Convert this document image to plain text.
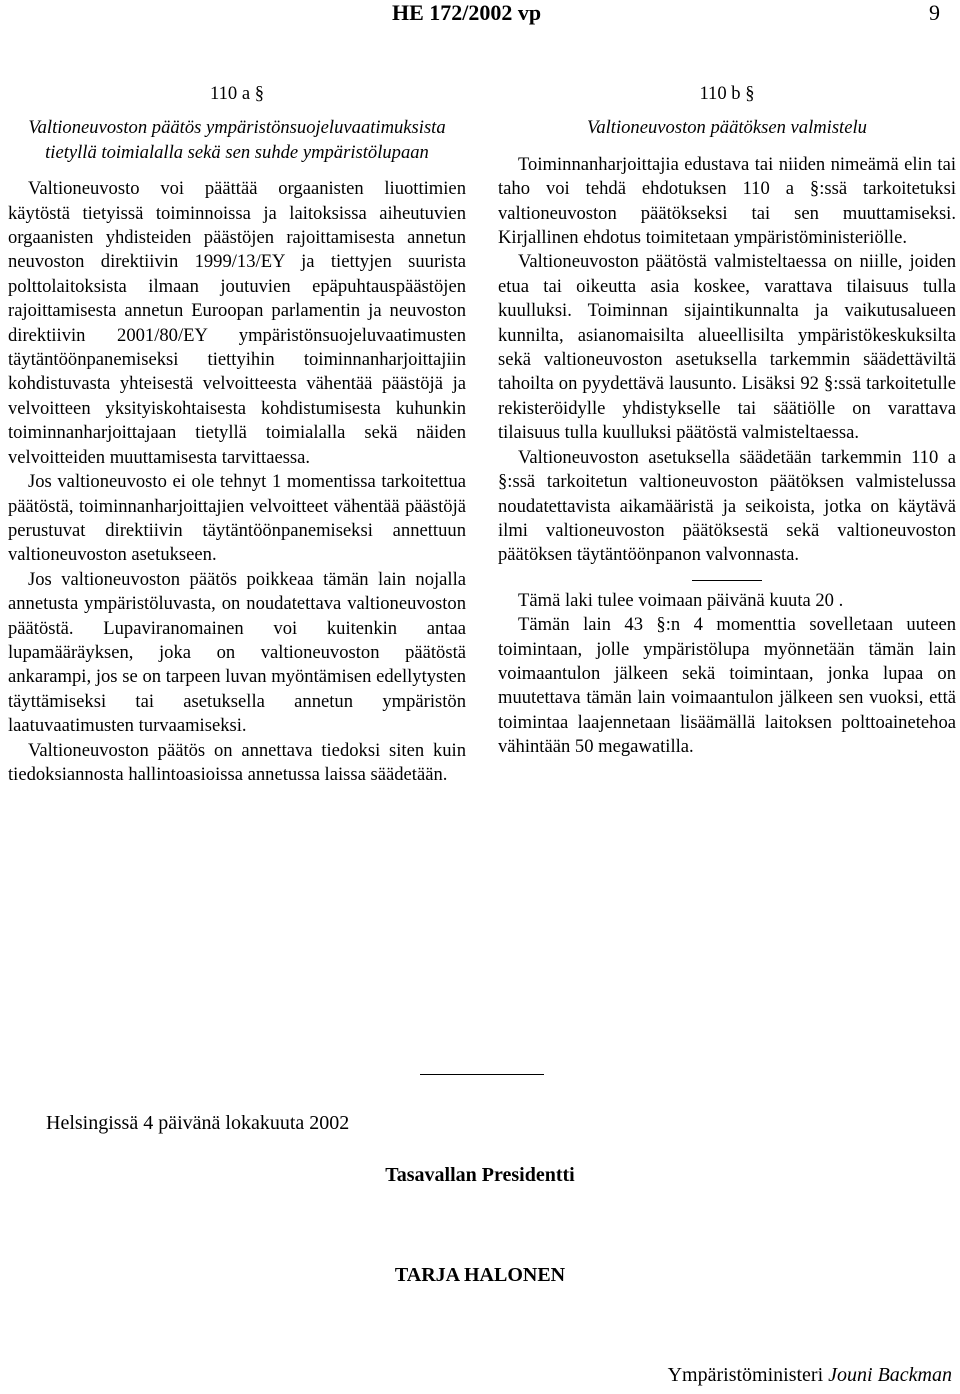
HE 172/2002 vp	9
110 a §
Valtioneuvoston päätös ympäristönsuojeluvaatimuksista tietyllä toimialalla sekä sen suhde ympäristölupaan

Valtioneuvosto voi päättää orgaanisten liuottimien käytöstä tietyissä toiminnoissa ja laitoksissa aiheutuvien orgaanisten yhdisteiden päästöjen rajoittamisesta annetun neuvoston direktiivin 1999/13/EY ja tiettyjen suurista polttolaitoksista ilmaan joutuvien epäpuhtauspäästöjen rajoittamisesta annetun Euroopan parlamentin ja neuvoston direktiivin 2001/80/EY ympäristönsuojeluvaatimusten täytäntöönpanemiseksi tiettyihin toiminnanharjoittajiin kohdistuvasta yhteisestä velvoitteesta vähentää päästöjä ja velvoitteen yksityiskohtaisesta kohdistumisesta kuhunkin toiminnanharjoittajaan tietyllä toimialalla sekä näiden velvoitteiden muuttamisesta tarvittaessa.

Jos valtioneuvosto ei ole tehnyt 1 momentissa tarkoitettua päätöstä, toiminnanharjoittajien velvoitteet vähentää päästöjä perustuvat direktiivin täytäntöönpanemiseksi annettuun valtioneuvoston asetukseen.

Jos valtioneuvoston päätös poikkeaa tämän lain nojalla annetusta ympäristöluvasta, on noudatettava valtioneuvoston päätöstä. Lupaviranomainen voi kuitenkin antaa lupamääräyksen, joka on valtioneuvoston päätöstä ankarampi, jos se on tarpeen luvan myöntämisen edellytysten täyttämiseksi tai asetuksella annetun ympäristön laatuvaatimusten turvaamiseksi.

Valtioneuvoston päätös on annettava tiedoksi siten kuin tiedoksiannosta hallintoasioissa annetussa laissa säädetään.

110 b §
Valtioneuvoston päätöksen valmistelu

Toiminnanharjoittajia edustava tai niiden nimeämä elin tai taho voi tehdä ehdotuksen 110 a §:ssä tarkoitetuksi valtioneuvoston päätökseksi tai sen muuttamiseksi. Kirjallinen ehdotus toimitetaan ympäristöministeriölle.

Valtioneuvoston päätöstä valmisteltaessa on niille, joiden etua tai oikeutta asia koskee, varattava tilaisuus tulla kuulluksi. Toiminnan sijaintikunnalta ja vaikutusalueen kunnilta, asianomaisilta alueellisilta ympäristökeskuksilta sekä valtioneuvoston asetuksella tarkemmin säädettäviltä tahoilta on pyydettävä lausunto. Lisäksi 92 §:ssä tarkoitetulle rekisteröidylle yhdistykselle tai säätiölle on varattava tilaisuus tulla kuulluksi päätöstä valmisteltaessa.

Valtioneuvoston asetuksella säädetään tarkemmin 110 a §:ssä tarkoitetun valtioneuvoston päätöksen valmistelussa noudatettavista aikamääristä ja seikoista, jotka on käytävä ilmi valtioneuvoston päätöksestä sekä valtioneuvoston päätöksen täytäntöönpanon valvonnasta.

Tämä laki tulee voimaan päivänä kuuta 20 .

Tämän lain 43 §:n 4 momenttia sovelletaan uuteen toimintaan, jolle ympäristölupa myönnetään tämän lain voimaantulon jälkeen sekä toimintaan, jonka lupaa on muutettava tämän lain voimaantulon jälkeen sen vuoksi, että toimintaa laajennetaan lisäämällä laitoksen polttoainetehoa vähintään 50 megawatilla.

Helsingissä 4 päivänä lokakuuta 2002
Tasavallan Presidentti
TARJA HALONEN
Ympäristöministeri Jouni Backman
